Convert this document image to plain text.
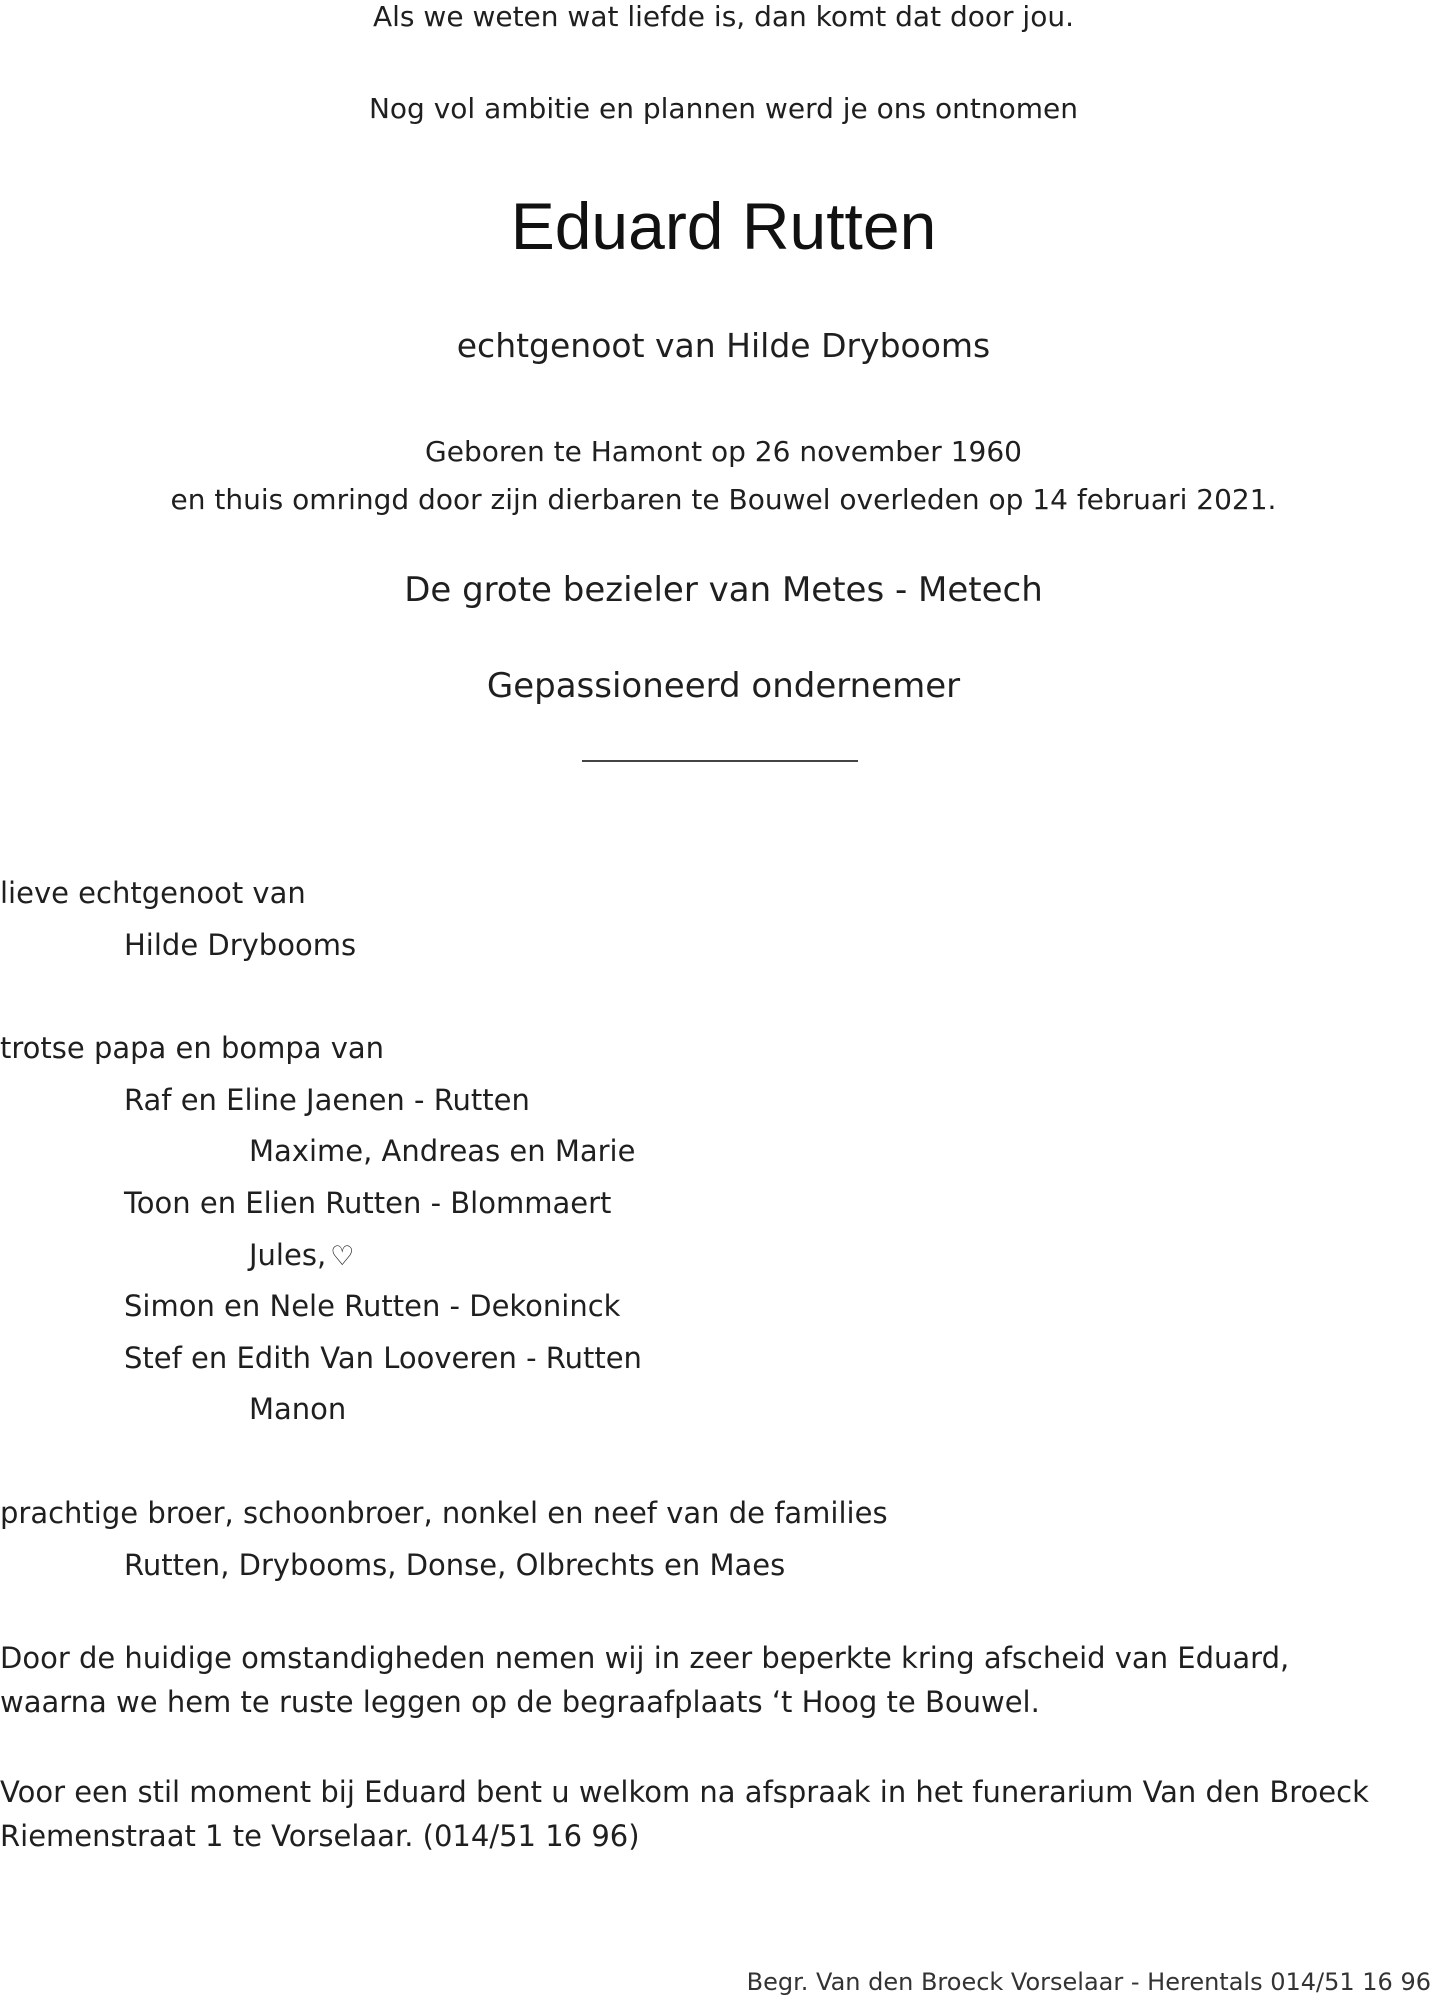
Als we weten wat liefde is, dan komt dat door jou.
Nog vol ambitie en plannen werd je ons ontnomen
Eduard Rutten
echtgenoot van Hilde Drybooms
Geboren te Hamont op 26 november 1960
en thuis omringd door zijn dierbaren te Bouwel overleden op 14 februari 2021.
De grote bezieler van Metes - Metech
Gepassioneerd ondernemer
lieve echtgenoot van
Hilde Drybooms
trotse papa en bompa van
Raf en Eline Jaenen - Rutten
Maxime, Andreas en Marie
Toon en Elien Rutten - Blommaert
Jules, ♡
Simon en Nele Rutten - Dekoninck
Stef en Edith Van Looveren - Rutten
Manon
prachtige broer, schoonbroer, nonkel en neef van de families
Rutten, Drybooms, Donse, Olbrechts en Maes
Door de huidige omstandigheden nemen wij in zeer beperkte kring afscheid van Eduard,
waarna we hem te ruste leggen op de begraafplaats ‘t Hoog te Bouwel.
Voor een stil moment bij Eduard bent u welkom na afspraak in het funerarium Van den Broeck
Riemenstraat 1 te Vorselaar. (014/51 16 96)
Begr. Van den Broeck Vorselaar - Herentals 014/51 16 96
